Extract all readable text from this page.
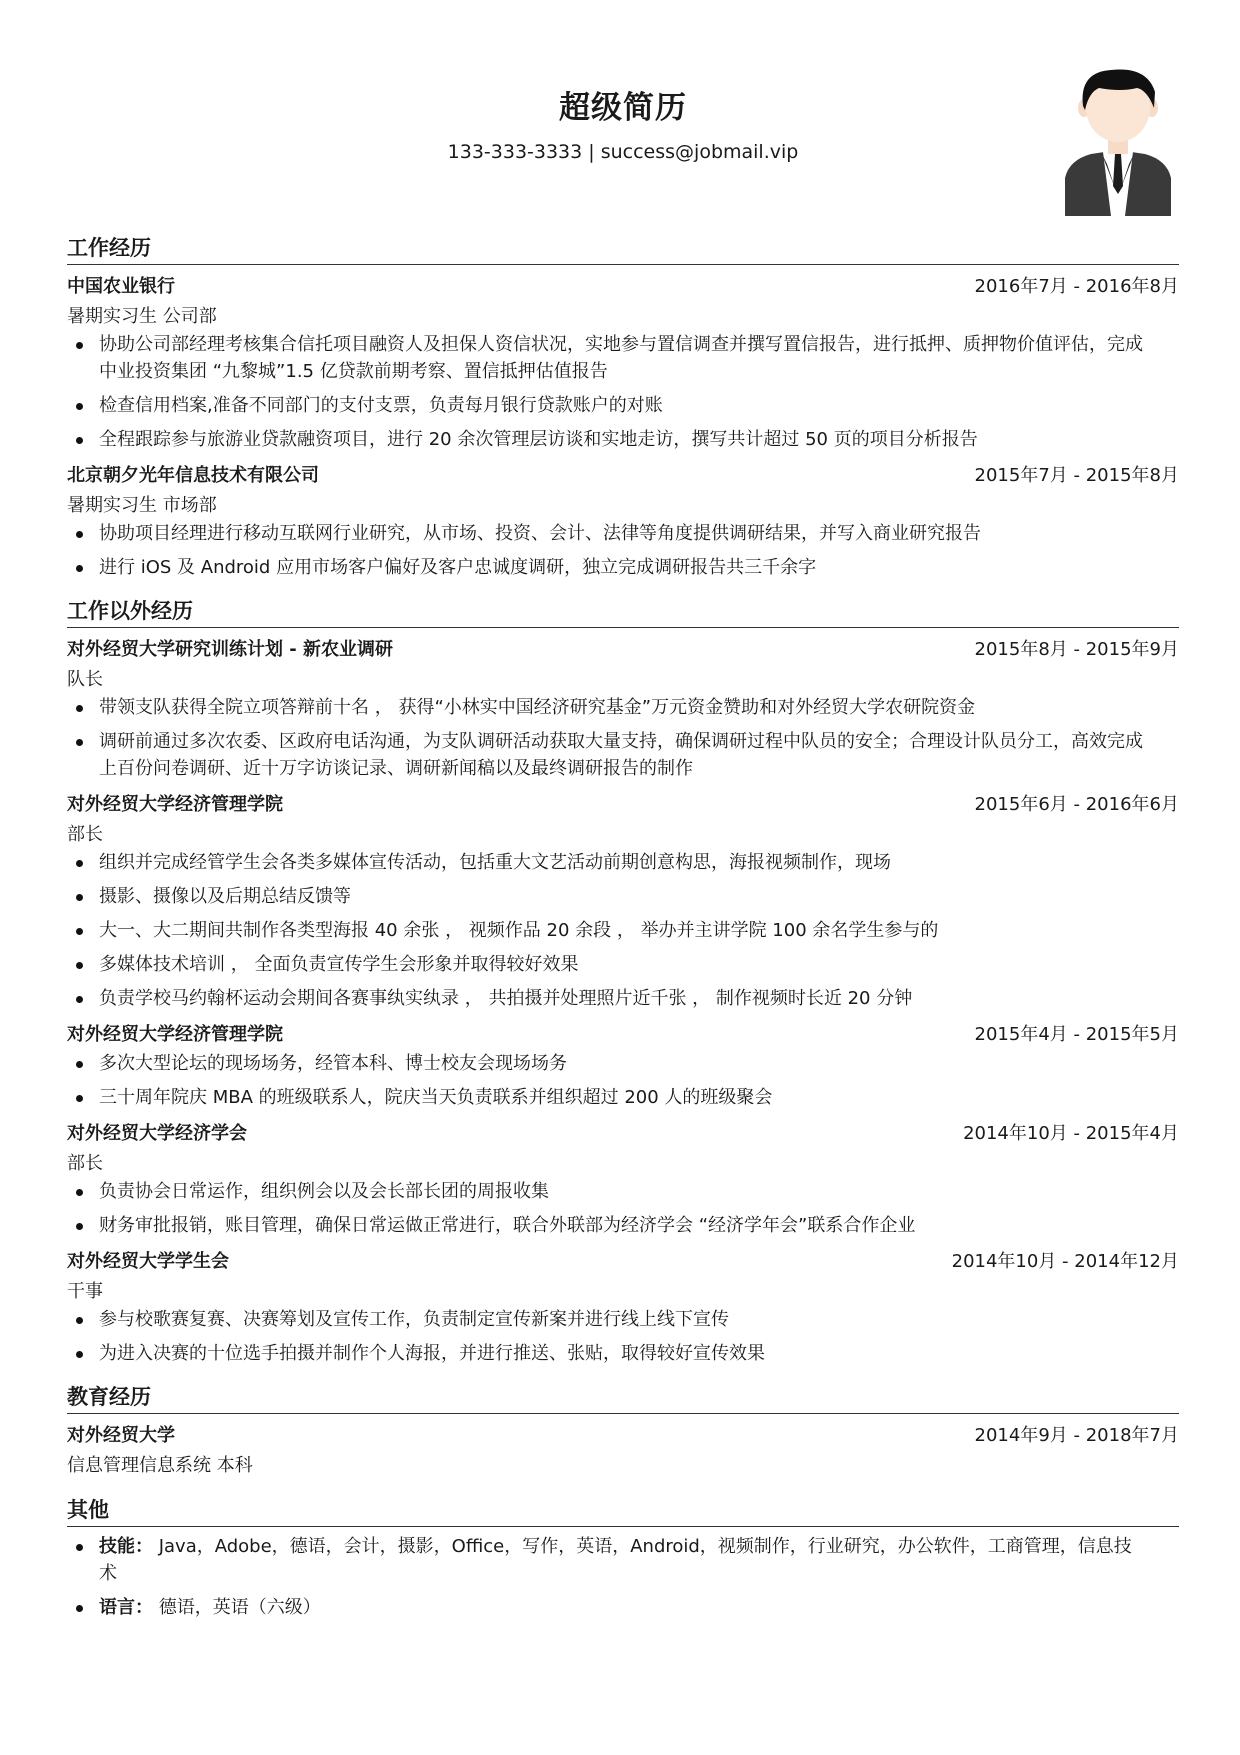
超级简历
133-333-3333 | success@jobmail.vip
工作经历
中国农业银行	2016年7月 - 2016年8月
暑期实习生 公司部
协助公司部经理考核集合信托项目融资人及担保人资信状况，实地参与置信调查并撰写置信报告，进行抵押、质押物价值评估，完成中业投资集团 “九黎城”1.5 亿贷款前期考察、置信抵押估值报告
检查信用档案,准备不同部门的支付支票，负责每月银行贷款账户的对账
全程跟踪参与旅游业贷款融资项目，进行 20 余次管理层访谈和实地走访，撰写共计超过 50 页的项目分析报告
北京朝夕光年信息技术有限公司	2015年7月 - 2015年8月
暑期实习生 市场部
协助项目经理进行移动互联网行业研究，从市场、投资、会计、法律等角度提供调研结果，并写入商业研究报告
进行 iOS 及 Android 应用市场客户偏好及客户忠诚度调研，独立完成调研报告共三千余字
工作以外经历
对外经贸大学研究训练计划 - 新农业调研	2015年8月 - 2015年9月
队长
带领支队获得全院立项答辩前十名 ， 获得“小林实中国经济研究基金”万元资金赞助和对外经贸大学农研院资金
调研前通过多次农委、区政府电话沟通，为支队调研活动获取大量支持，确保调研过程中队员的安全；合理设计队员分工，高效完成上百份问卷调研、近十万字访谈记录、调研新闻稿以及最终调研报告的制作
对外经贸大学经济管理学院	2015年6月 - 2016年6月
部长
组织并完成经管学生会各类多媒体宣传活动，包括重大文艺活动前期创意构思，海报视频制作，现场
摄影、摄像以及后期总结反馈等
大一、大二期间共制作各类型海报 40 余张 ， 视频作品 20 余段 ， 举办并主讲学院 100 余名学生参与的
多媒体技术培训 ， 全面负责宣传学生会形象并取得较好效果
负责学校马约翰杯运动会期间各赛事纨实纨录 ， 共拍摄并处理照片近千张 ， 制作视频时长近 20 分钟
对外经贸大学经济管理学院	2015年4月 - 2015年5月
多次大型论坛的现场场务，经管本科、博士校友会现场场务
三十周年院庆 MBA 的班级联系人，院庆当天负责联系并组织超过 200 人的班级聚会
对外经贸大学经济学会	2014年10月 - 2015年4月
部长
负责协会日常运作，组织例会以及会长部长团的周报收集
财务审批报销，账目管理，确保日常运做正常进行，联合外联部为经济学会 “经济学年会”联系合作企业
对外经贸大学学生会	2014年10月 - 2014年12月
干事
参与校歌赛复赛、决赛筹划及宣传工作，负责制定宣传新案并进行线上线下宣传
为进入决赛的十位选手拍摄并制作个人海报，并进行推送、张贴，取得较好宣传效果
教育经历
对外经贸大学	2014年9月 - 2018年7月
信息管理信息系统 本科
其他
技能： Java，Adobe，德语，会计，摄影，Office，写作，英语，Android，视频制作，行业研究，办公软件，工商管理，信息技术
语言： 德语，英语（六级）
